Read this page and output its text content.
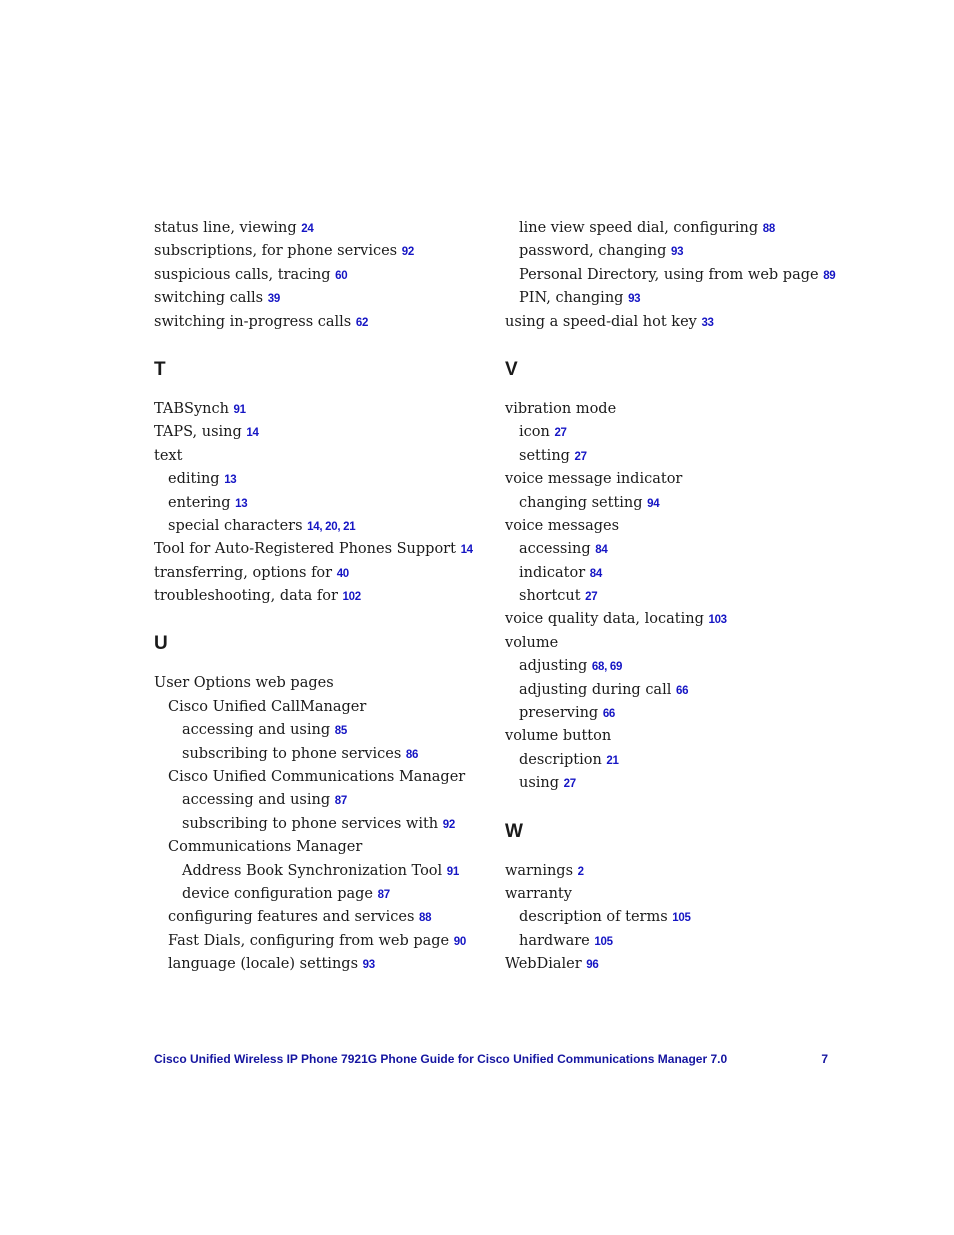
status line, viewing 24
subscriptions, for phone services 92
suspicious calls, tracing 60
switching calls 39
switching in-progress calls 62
T
TABSynch 91
TAPS, using 14
text
editing 13
entering 13
special characters 14, 20, 21
Tool for Auto-Registered Phones Support 14
transferring, options for 40
troubleshooting, data for 102
U
User Options web pages
Cisco Unified CallManager
accessing and using 85
subscribing to phone services 86
Cisco Unified Communications Manager
accessing and using 87
subscribing to phone services with 92
Communications Manager
Address Book Synchronization Tool 91
device configuration page 87
configuring features and services 88
Fast Dials, configuring from web page 90
language (locale) settings 93
line view speed dial, configuring 88
password, changing 93
Personal Directory, using from web page 89
PIN, changing 93
using a speed-dial hot key 33
V
vibration mode
icon 27
setting 27
voice message indicator
changing setting 94
voice messages
accessing 84
indicator 84
shortcut 27
voice quality data, locating 103
volume
adjusting 68, 69
adjusting during call 66
preserving 66
volume button
description 21
using 27
W
warnings 2
warranty
description of terms 105
hardware 105
WebDialer 96
Cisco Unified Wireless IP Phone 7921G Phone Guide for Cisco Unified Communications Manager 7.0	7
